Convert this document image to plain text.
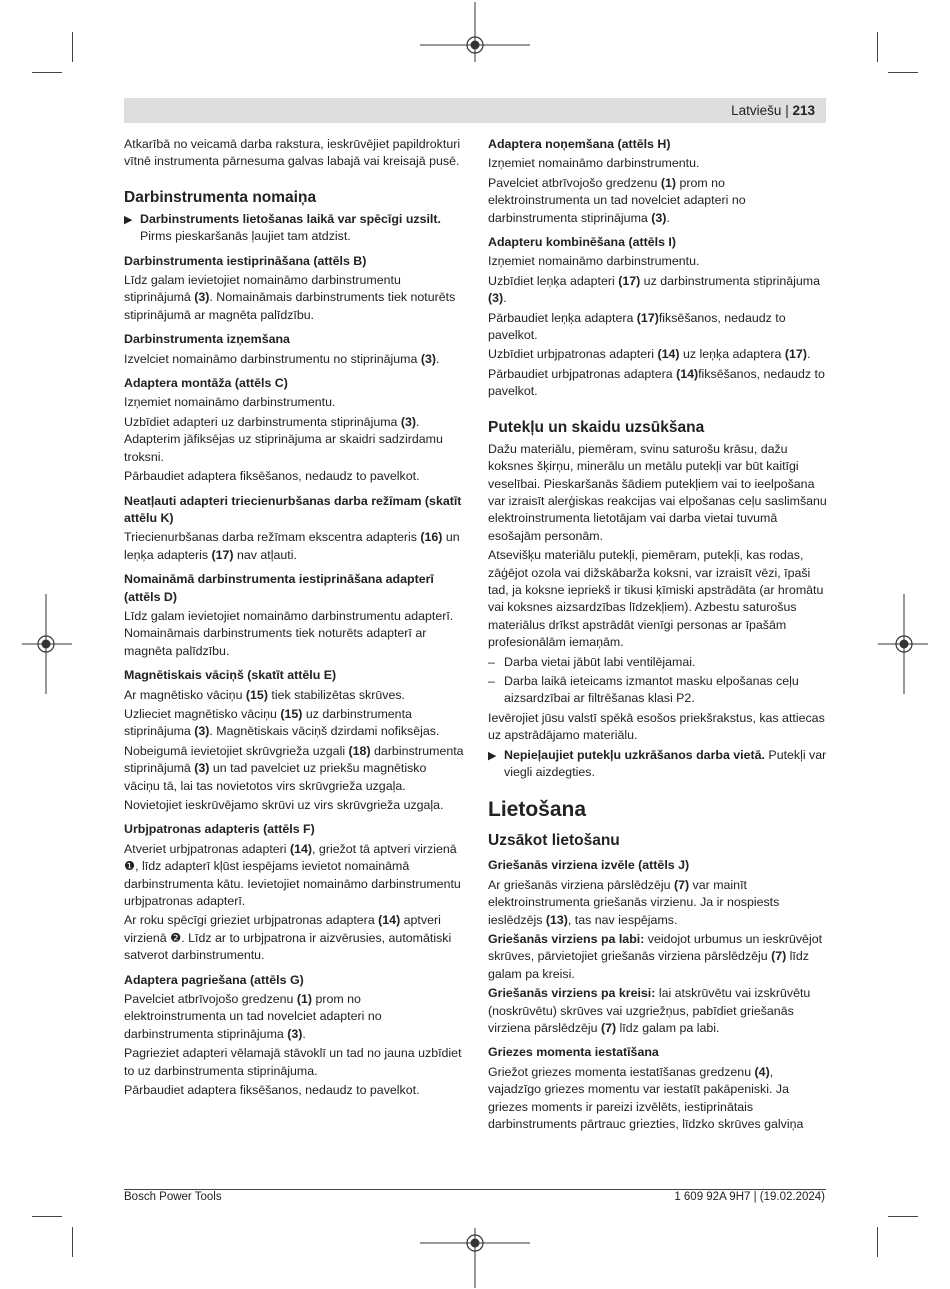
Latviešu | 213

Atkarībā no veicamā darba rakstura, ieskrūvējiet papildrokturi vītnē instrumenta pārnesuma galvas labajā vai kreisajā pusē.

Darbinstrumenta nomaiņa
▶ Darbinstruments lietošanas laikā var spēcīgi uzsilt. Pirms pieskaršanās ļaujiet tam atdzist.
Darbinstrumenta iestiprināšana (attēls B)

Līdz galam ievietojiet nomaināmo darbinstrumentu stiprinājumā (3). Nomaināmais darbinstruments tiek noturēts stiprinājumā ar magnēta palīdzību.

Darbinstrumenta izņemšana

Izvelciet nomaināmo darbinstrumentu no stiprinājuma (3).

Adaptera montāža (attēls C)

Izņemiet nomaināmo darbinstrumentu.

Uzbīdiet adapteri uz darbinstrumenta stiprinājuma (3). Adapterim jāfiksējas uz stiprinājuma ar skaidri sadzirdamu troksni.

Pārbaudiet adaptera fiksēšanos, nedaudz to pavelkot.

Neatļauti adapteri triecienurbšanas darba režīmam (skatīt attēlu K)

Triecienurbšanas darba režīmam ekscentra adapteris (16) un leņķa adapteris (17) nav atļauti.

Nomaināmā darbinstrumenta iestiprināšana adapterī (attēls D)

Līdz galam ievietojiet nomaināmo darbinstrumentu adapterī. Nomaināmais darbinstruments tiek noturēts adapterī ar magnēta palīdzību.

Magnētiskais vāciņš (skatīt attēlu E)

Ar magnētisko vāciņu (15) tiek stabilizētas skrūves.

Uzlieciet magnētisko vāciņu (15) uz darbinstrumenta stiprinājuma (3). Magnētiskais vāciņš dzirdami nofiksējas.

Nobeigumā ievietojiet skrūvgrieža uzgali (18) darbinstrumenta stiprinājumā (3) un tad pavelciet uz priekšu magnētisko vāciņu tā, lai tas novietotos virs skrūvgrieža uzgaļa.

Novietojiet ieskrūvējamo skrūvi uz virs skrūvgrieža uzgaļa.

Urbjpatronas adapteris (attēls F)

Atveriet urbjpatronas adapteri (14), griežot tā aptveri virzienā ❶, līdz adapterī kļūst iespējams ievietot nomaināmā darbinstrumenta kātu. Ievietojiet nomaināmo darbinstrumentu urbjpatronas adapterī.

Ar roku spēcīgi grieziet urbjpatronas adaptera (14) aptveri virzienā ❷. Līdz ar to urbjpatrona ir aizvērusies, automātiski satverot darbinstrumentu.

Adaptera pagriešana (attēls G)

Pavelciet atbrīvojošo gredzenu (1) prom no elektroinstrumenta un tad novelciet adapteri no darbinstrumenta stiprinājuma (3).

Pagrieziet adapteri vēlamajā stāvoklī un tad no jauna uzbīdiet to uz darbinstrumenta stiprinājuma.

Pārbaudiet adaptera fiksēšanos, nedaudz to pavelkot.

Adaptera noņemšana (attēls H)

Izņemiet nomaināmo darbinstrumentu.

Pavelciet atbrīvojošo gredzenu (1) prom no elektroinstrumenta un tad novelciet adapteri no darbinstrumenta stiprinājuma (3).

Adapteru kombinēšana (attēls I)

Izņemiet nomaināmo darbinstrumentu.

Uzbīdiet leņķa adapteri (17) uz darbinstrumenta stiprinājuma (3).

Pārbaudiet leņķa adaptera (17)fiksēšanos, nedaudz to pavelkot.

Uzbīdiet urbjpatronas adapteri (14) uz leņķa adaptera (17).

Pārbaudiet urbjpatronas adaptera (14)fiksēšanos, nedaudz to pavelkot.

Putekļu un skaidu uzsūkšana

Dažu materiālu, piemēram, svinu saturošu krāsu, dažu koksnes šķirņu, minerālu un metālu putekļi var būt kaitīgi veselībai. Pieskaršanās šādiem putekļiem vai to ieelpošana var izraisīt alerģiskas reakcijas vai elpošanas ceļu saslimšanu elektroinstrumenta lietotājam vai darba vietai tuvumā esošajām personām.

Atsevišķu materiālu putekļi, piemēram, putekļi, kas rodas, zāģējot ozola vai dižskābarža koksni, var izraisīt vēzi, īpaši tad, ja koksne iepriekš ir tikusi ķīmiski apstrādāta (ar hromātu vai koksnes aizsardzības līdzekļiem). Azbestu saturošus materiālus drīkst apstrādāt vienīgi personas ar īpašām profesionālām iemaņām.

– Darba vietai jābūt labi ventilējamai.
– Darba laikā ieteicams izmantot masku elpošanas ceļu aizsardzībai ar filtrēšanas klasi P2.

Ievērojiet jūsu valstī spēkā esošos priekšrakstus, kas attiecas uz apstrādājamo materiālu.

▶ Nepieļaujiet putekļu uzkrāšanos darba vietā. Putekļi var viegli aizdegties.
Lietošana
Uzsākot lietošanu
Griešanās virziena izvēle (attēls J)

Ar griešanās virziena pārslēdzēju (7) var mainīt elektroinstrumenta griešanās virzienu. Ja ir nospiests ieslēdzējs (13), tas nav iespējams.

Griešanās virziens pa labi: veidojot urbumus un ieskrūvējot skrūves, pārvietojiet griešanās virziena pārslēdzēju (7) līdz galam pa kreisi.

Griešanās virziens pa kreisi: lai atskrūvētu vai izskrūvētu (noskrūvētu) skrūves vai uzgriežņus, pabīdiet griešanās virziena pārslēdzēju (7) līdz galam pa labi.

Griezes momenta iestatīšana

Griežot griezes momenta iestatīšanas gredzenu (4), vajadzīgo griezes momentu var iestatīt pakāpeniski. Ja griezes moments ir pareizi izvēlēts, iestiprinātais darbinstruments pārtrauc griezties, līdzko skrūves galviņa

Bosch Power Tools	1 609 92A 9H7 | (19.02.2024)
